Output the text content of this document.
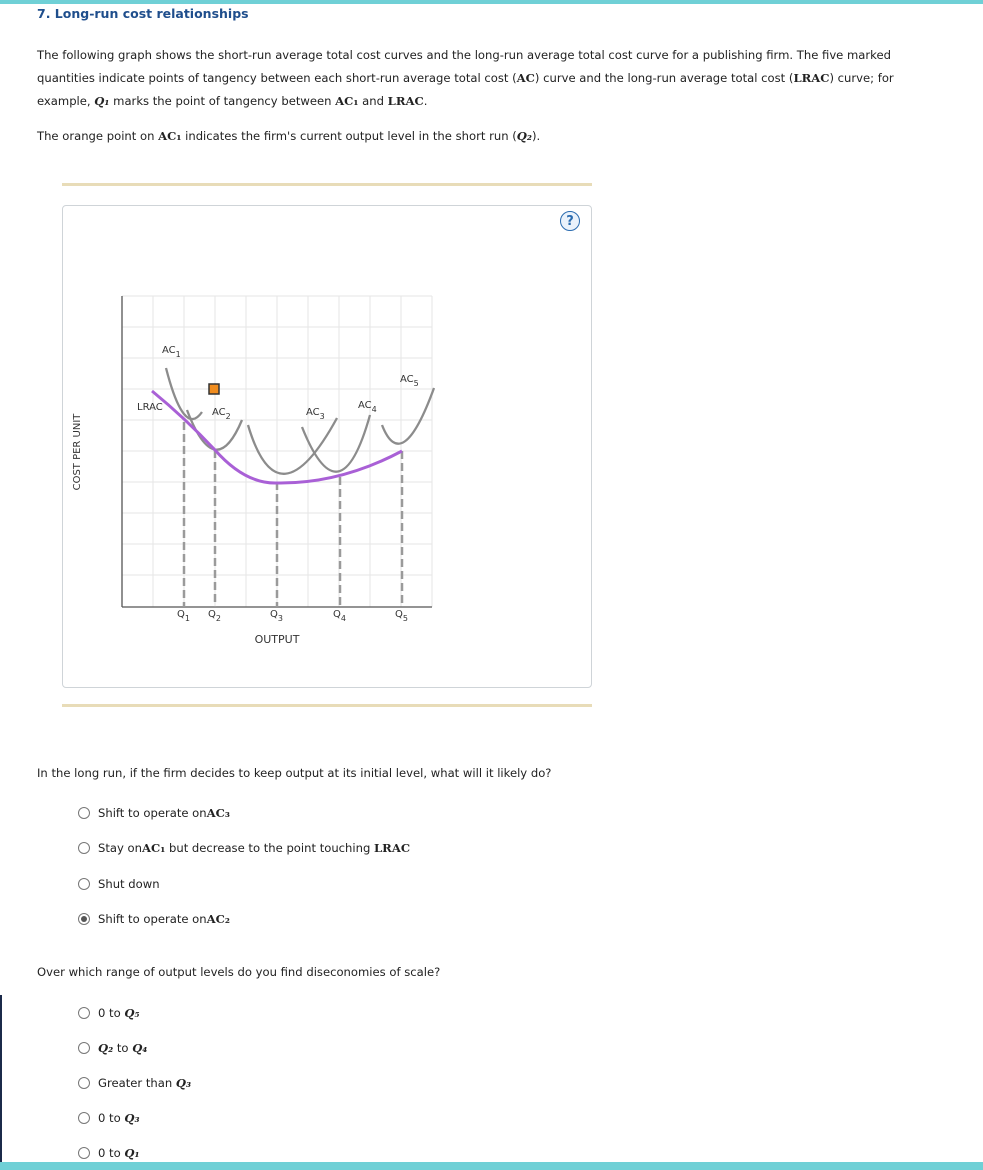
7. Long-run cost relationships
The following graph shows the short-run average total cost curves and the long-run average total cost curve for a publishing firm. The five marked quantities indicate points of tangency between each short-run average total cost (AC) curve and the long-run average total cost (LRAC) curve; for example, Q₁ marks the point of tangency between AC₁ and LRAC.
The orange point on AC₁ indicates the firm's current output level in the short run (Q₂).
?
$AC_1$
$AC_2$	$AC_3$
$AC_4$
$AC_5$
LRAC
$Q_1$ $Q_2$	$Q_3$	$Q_4$	$Q_5$
OUTPUT
COST PER UNIT
In the long run, if the firm decides to keep output at its initial level, what will it likely do?
Shift to operate on AC₃
Stay on AC₁ but decrease to the point touching LRAC
Shut down
Shift to operate on AC₂
Over which range of output levels do you find diseconomies of scale?
0 to Q₅
Q₂ to Q₄
Greater than Q₃
0 to Q₃
0 to Q₁
